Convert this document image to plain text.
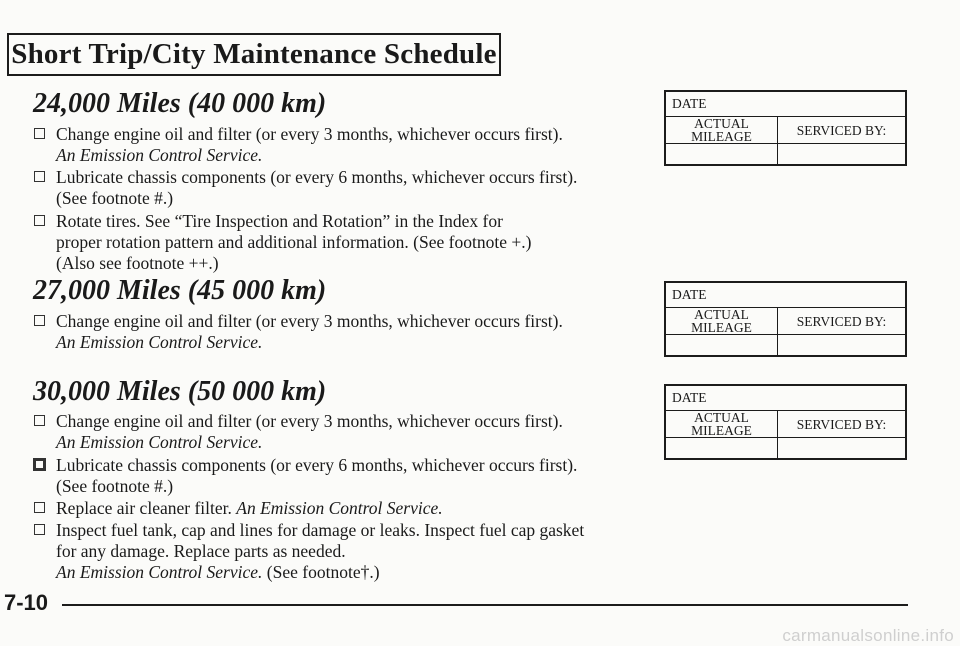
Short Trip/City Maintenance Schedule
24,000 Miles (40 000 km)
Change engine oil and filter (or every 3 months, whichever occurs first).
An Emission Control Service.
Lubricate chassis components (or every 6 months, whichever occurs first).
(See footnote #.)
Rotate tires. See “Tire Inspection and Rotation” in the Index for
proper rotation pattern and additional information. (See footnote +.)
(Also see footnote ++.)
27,000 Miles (45 000 km)
Change engine oil and filter (or every 3 months, whichever occurs first).
An Emission Control Service.
30,000 Miles (50 000 km)
Change engine oil and filter (or every 3 months, whichever occurs first).
An Emission Control Service.
Lubricate chassis components (or every 6 months, whichever occurs first).
(See footnote #.)
Replace air cleaner filter. An Emission Control Service.
Inspect fuel tank, cap and lines for damage or leaks. Inspect fuel cap gasket
for any damage. Replace parts as needed.
An Emission Control Service. (See footnote†.)
DATE	
ACTUAL
MILEAGE	SERVICED BY:

DATE	
ACTUAL
MILEAGE	SERVICED BY:

DATE	
ACTUAL
MILEAGE	SERVICED BY:

7-10
carmanualsonline.info
